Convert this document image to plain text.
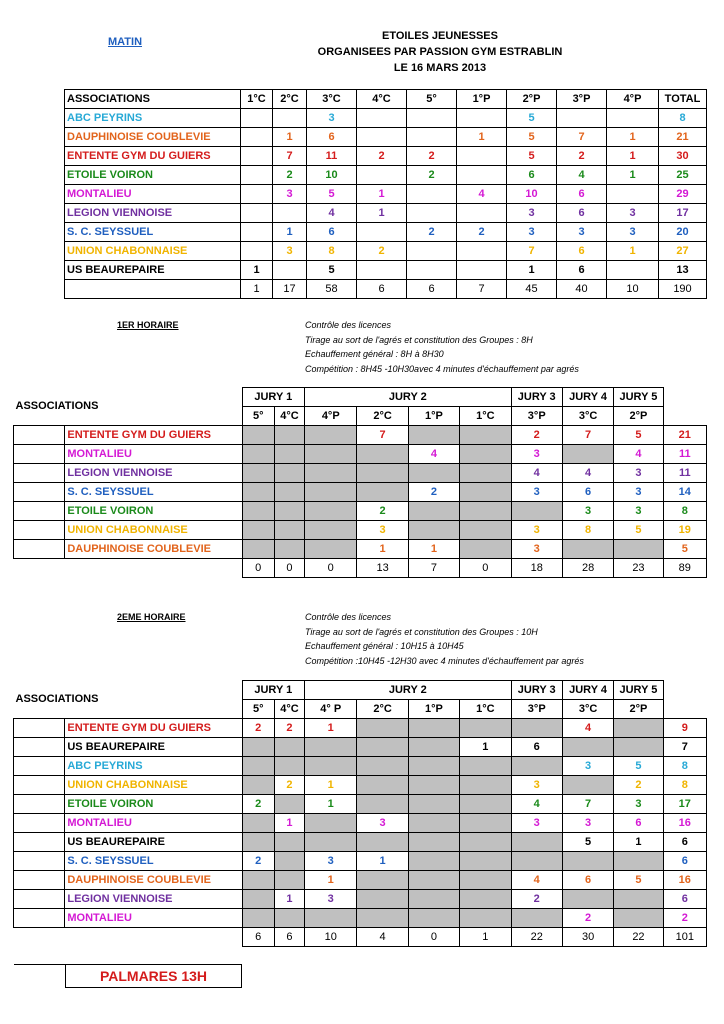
MATIN	ETOILES JEUNESSES
ORGANISEES PAR PASSION GYM ESTRABLIN
LE 16 MARS 2013
ASSOCIATIONS	1°C	2°C	3°C	4°C	5°	1°P	2°P	3°P	4°P	TOTAL
ABC PEYRINS			3				5			8
DAUPHINOISE COUBLEVIE		1	6			1	5	7	1	21
ENTENTE GYM DU GUIERS		7	11	2	2		5	2	1	30
ETOILE VOIRON		2	10		2		6	4	1	25
MONTALIEU		3	5	1		4	10	6		29
LEGION VIENNOISE			4	1			3	6	3	17
S. C. SEYSSUEL		1	6		2	2	3	3	3	20
UNION CHABONNAISE		3	8	2			7	6	1	27
US BEAUREPAIRE	1		5				1	6		13
	1	17	58	6	6	7	45	40	10	190
1ER HORAIRE	Contrôle des licences
Tirage au sort de l'agrés et constitution des Groupes : 8H
Echauffement général : 8H à 8H30
Compétition : 8H45 -10H30avec 4 minutes d'échauffement par agrés
ASSOCIATIONS		JURY 1		JURY 2				JURY 3	JURY 4	JURY 5	
		5°	4°C	4°P	2°C	1°P	1°C	3°P	3°C	2°P	
	ENTENTE GYM DU GUIERS				7			2	7	5	21
	MONTALIEU					4		3		4	11
	LEGION VIENNOISE							4	4	3	11
	S. C. SEYSSUEL					2		3	6	3	14
	ETOILE VOIRON				2				3	3	8
	UNION CHABONNAISE				3			3	8	5	19
	DAUPHINOISE COUBLEVIE				1	1		3			5
		0	0	0	13	7	0	18	28	23	89
2EME HORAIRE	Contrôle des licences
Tirage au sort de l'agrés et constitution des Groupes : 10H
Echauffement général : 10H15 à 10H45
Compétition :10H45 -12H30 avec 4 minutes d'échauffement par agrés
ASSOCIATIONS		JURY 1		JURY 2				JURY 3	JURY 4	JURY 5	
		5°	4°C	4° P	2°C	1°P	1°C	3°P	3°C	2°P	
	ENTENTE GYM DU GUIERS	2	2	1					4		9
	US BEAUREPAIRE						1	6			7
	ABC PEYRINS								3	5	8
	UNION CHABONNAISE		2	1				3		2	8
	ETOILE VOIRON	2		1				4	7	3	17
	MONTALIEU		1		3			3	3	6	16
	US BEAUREPAIRE								5	1	6
	S. C. SEYSSUEL	2		3	1						6
	DAUPHINOISE COUBLEVIE			1				4	6	5	16
	LEGION VIENNOISE		1	3				2			6
	MONTALIEU								2		2
		6	6	10	4	0	1	22	30	22	101
PALMARES 13H
